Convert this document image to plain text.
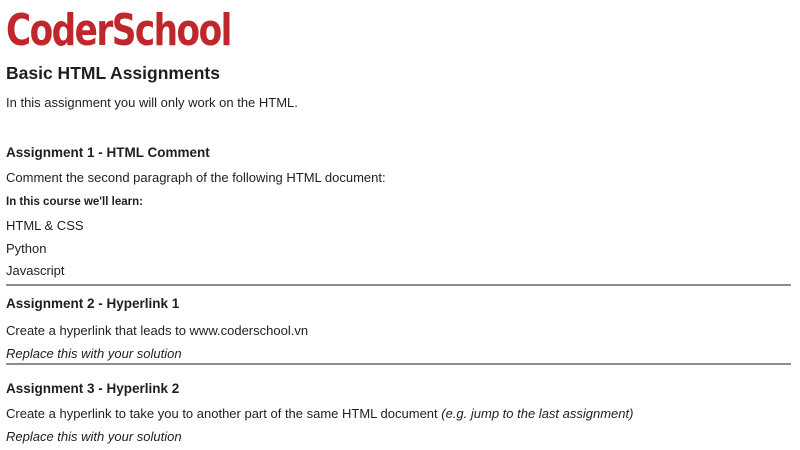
CoderSchool
Basic HTML Assignments
In this assignment you will only work on the HTML.
Assignment 1 - HTML Comment
Comment the second paragraph of the following HTML document:
In this course we'll learn:
HTML & CSS
Python
Javascript
Assignment 2 - Hyperlink 1
Create a hyperlink that leads to www.coderschool.vn
Replace this with your solution
Assignment 3 - Hyperlink 2
Create a hyperlink to take you to another part of the same HTML document (e.g. jump to the last assignment)
Replace this with your solution
